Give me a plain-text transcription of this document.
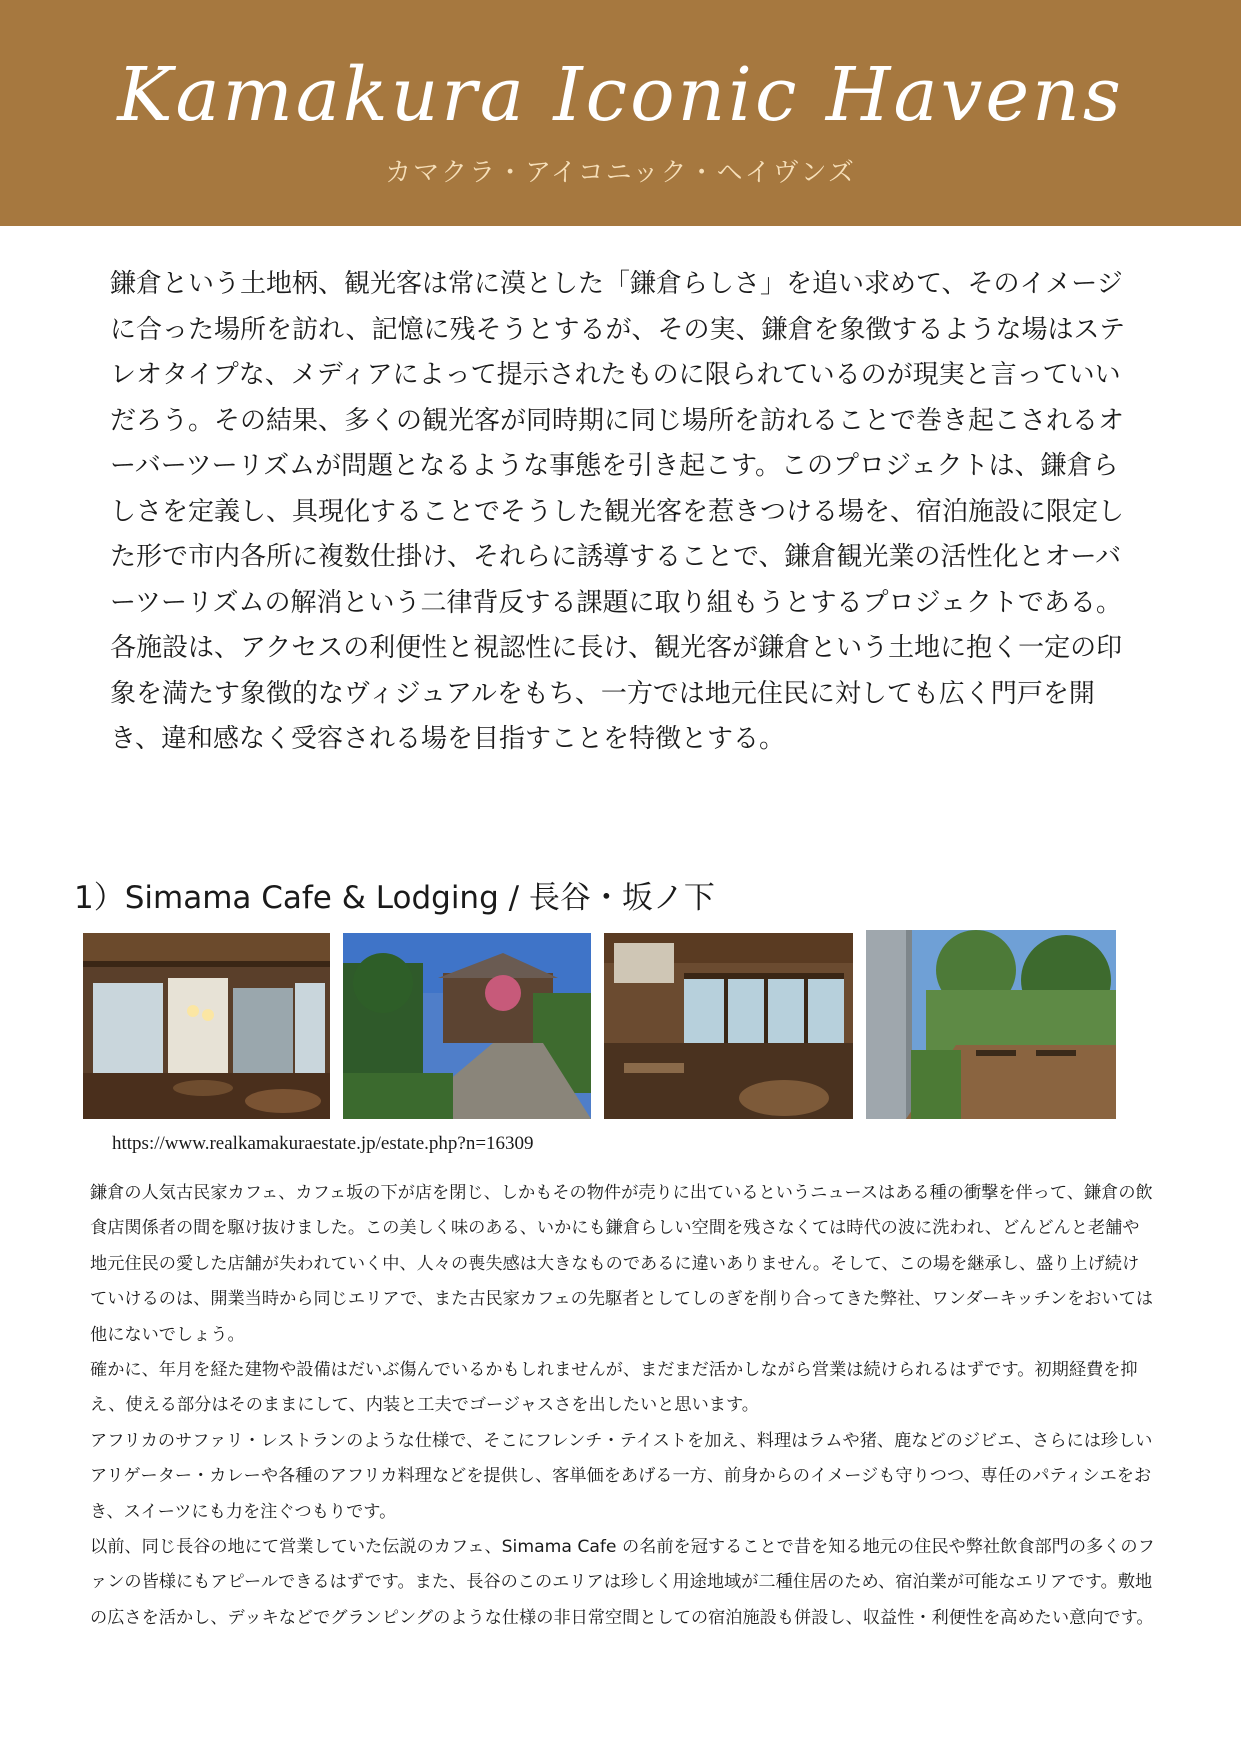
Kamakura Iconic Havens
カマクラ・アイコニック・ヘイヴンズ

鎌倉という土地柄、観光客は常に漠とした「鎌倉らしさ」を追い求めて、そのイメージに合った場所を訪れ、記憶に残そうとするが、その実、鎌倉を象徴するような場はステレオタイプな、メディアによって提示されたものに限られているのが現実と言っていいだろう。その結果、多くの観光客が同時期に同じ場所を訪れることで巻き起こされるオーバーツーリズムが問題となるような事態を引き起こす。このプロジェクトは、鎌倉らしさを定義し、具現化することでそうした観光客を惹きつける場を、宿泊施設に限定した形で市内各所に複数仕掛け、それらに誘導することで、鎌倉観光業の活性化とオーバーツーリズムの解消という二律背反する課題に取り組もうとするプロジェクトである。

各施設は、アクセスの利便性と視認性に長け、観光客が鎌倉という土地に抱く一定の印象を満たす象徴的なヴィジュアルをもち、一方では地元住民に対しても広く門戸を開き、違和感なく受容される場を目指すことを特徴とする。

1）Simama Cafe & Lodging / 長谷・坂ノ下
https://www.realkamakuraestate.jp/estate.php?n=16309

鎌倉の人気古民家カフェ、カフェ坂の下が店を閉じ、しかもその物件が売りに出ているというニュースはある種の衝撃を伴って、鎌倉の飲食店関係者の間を駆け抜けました。この美しく味のある、いかにも鎌倉らしい空間を残さなくては時代の波に洗われ、どんどんと老舗や地元住民の愛した店舗が失われていく中、人々の喪失感は大きなものであるに違いありません。そして、この場を継承し、盛り上げ続けていけるのは、開業当時から同じエリアで、また古民家カフェの先駆者としてしのぎを削り合ってきた弊社、ワンダーキッチンをおいては他にないでしょう。

確かに、年月を経た建物や設備はだいぶ傷んでいるかもしれませんが、まだまだ活かしながら営業は続けられるはずです。初期経費を抑え、使える部分はそのままにして、内装と工夫でゴージャスさを出したいと思います。

アフリカのサファリ・レストランのような仕様で、そこにフレンチ・テイストを加え、料理はラムや猪、鹿などのジビエ、さらには珍しいアリゲーター・カレーや各種のアフリカ料理などを提供し、客単価をあげる一方、前身からのイメージも守りつつ、専任のパティシエをおき、スイーツにも力を注ぐつもりです。

以前、同じ長谷の地にて営業していた伝説のカフェ、Simama Cafe の名前を冠することで昔を知る地元の住民や弊社飲食部門の多くのファンの皆様にもアピールできるはずです。また、長谷のこのエリアは珍しく用途地域が二種住居のため、宿泊業が可能なエリアです。敷地の広さを活かし、デッキなどでグランピングのような仕様の非日常空間としての宿泊施設も併設し、収益性・利便性を高めたい意向です。
